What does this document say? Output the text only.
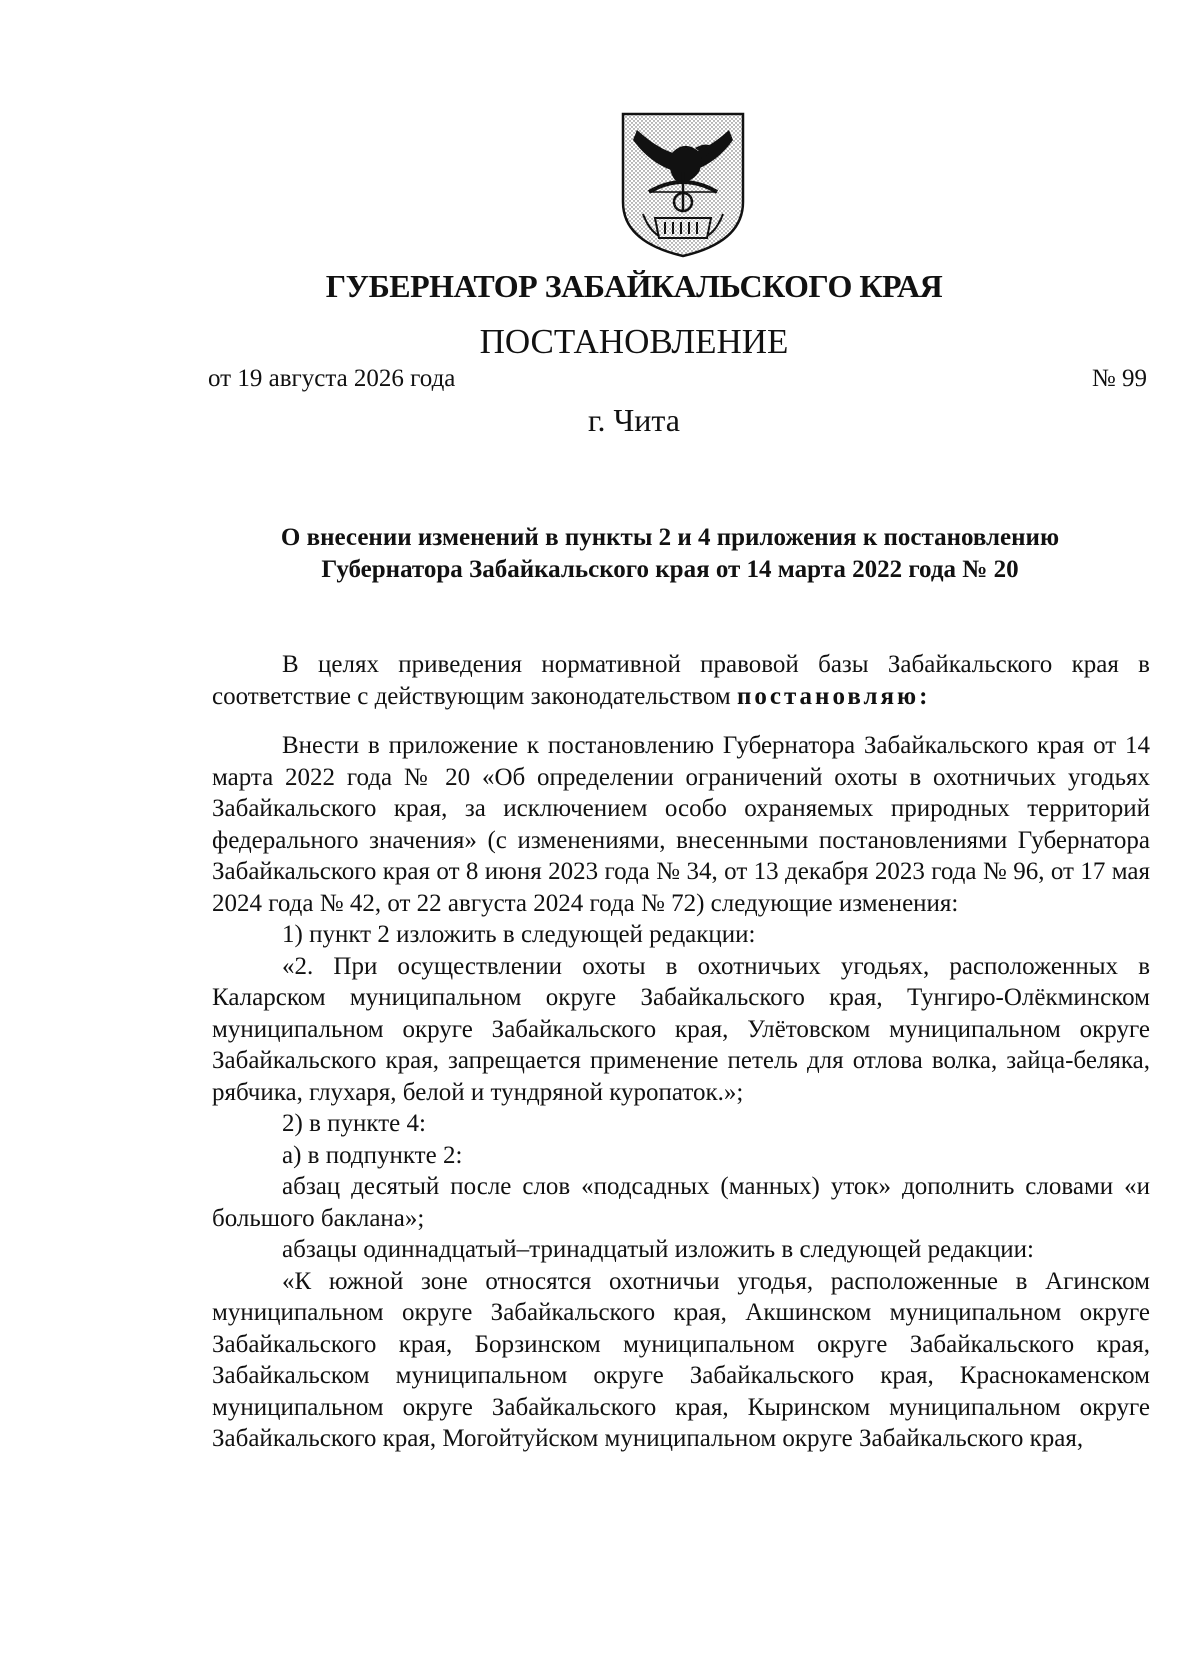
ГУБЕРНАТОР ЗАБАЙКАЛЬСКОГО КРАЯ
ПОСТАНОВЛЕНИЕ
от 19 августа 2026 года	№ 99
г. Чита
О внесении изменений в пункты 2 и 4 приложения к постановлению
Губернатора Забайкальского края от 14 марта 2022 года № 20

В целях приведения нормативной правовой базы Забайкальского края в соответствие с действующим законодательством постановляю:

Внести в приложение к постановлению Губернатора Забайкальского края от 14 марта 2022 года № 20 «Об определении ограничений охоты в охотничьих угодьях Забайкальского края, за исключением особо охраняемых природных территорий федерального значения» (с изменениями, внесенными постановлениями Губернатора Забайкальского края от 8 июня 2023 года № 34, от 13 декабря 2023 года № 96, от 17 мая 2024 года № 42, от 22 августа 2024 года № 72) следующие изменения:

1) пункт 2 изложить в следующей редакции:

«2. При осуществлении охоты в охотничьих угодьях, расположенных в Каларском муниципальном округе Забайкальского края, Тунгиро-Олёкминском муниципальном округе Забайкальского края, Улётовском муниципальном округе Забайкальского края, запрещается применение петель для отлова волка, зайца-беляка, рябчика, глухаря, белой и тундряной куропаток.»;

2) в пункте 4:

а) в подпункте 2:

абзац десятый после слов «подсадных (манных) уток» дополнить словами «и большого баклана»;

абзацы одиннадцатый–тринадцатый изложить в следующей редакции:

«К южной зоне относятся охотничьи угодья, расположенные в Агинском муниципальном округе Забайкальского края, Акшинском муниципальном округе Забайкальского края, Борзинском муниципальном округе Забайкальского края, Забайкальском муниципальном округе Забайкальского края, Краснокаменском муниципальном округе Забайкальского края, Кыринском муниципальном округе Забайкальского края, Могойтуйском муниципальном округе Забайкальского края,
